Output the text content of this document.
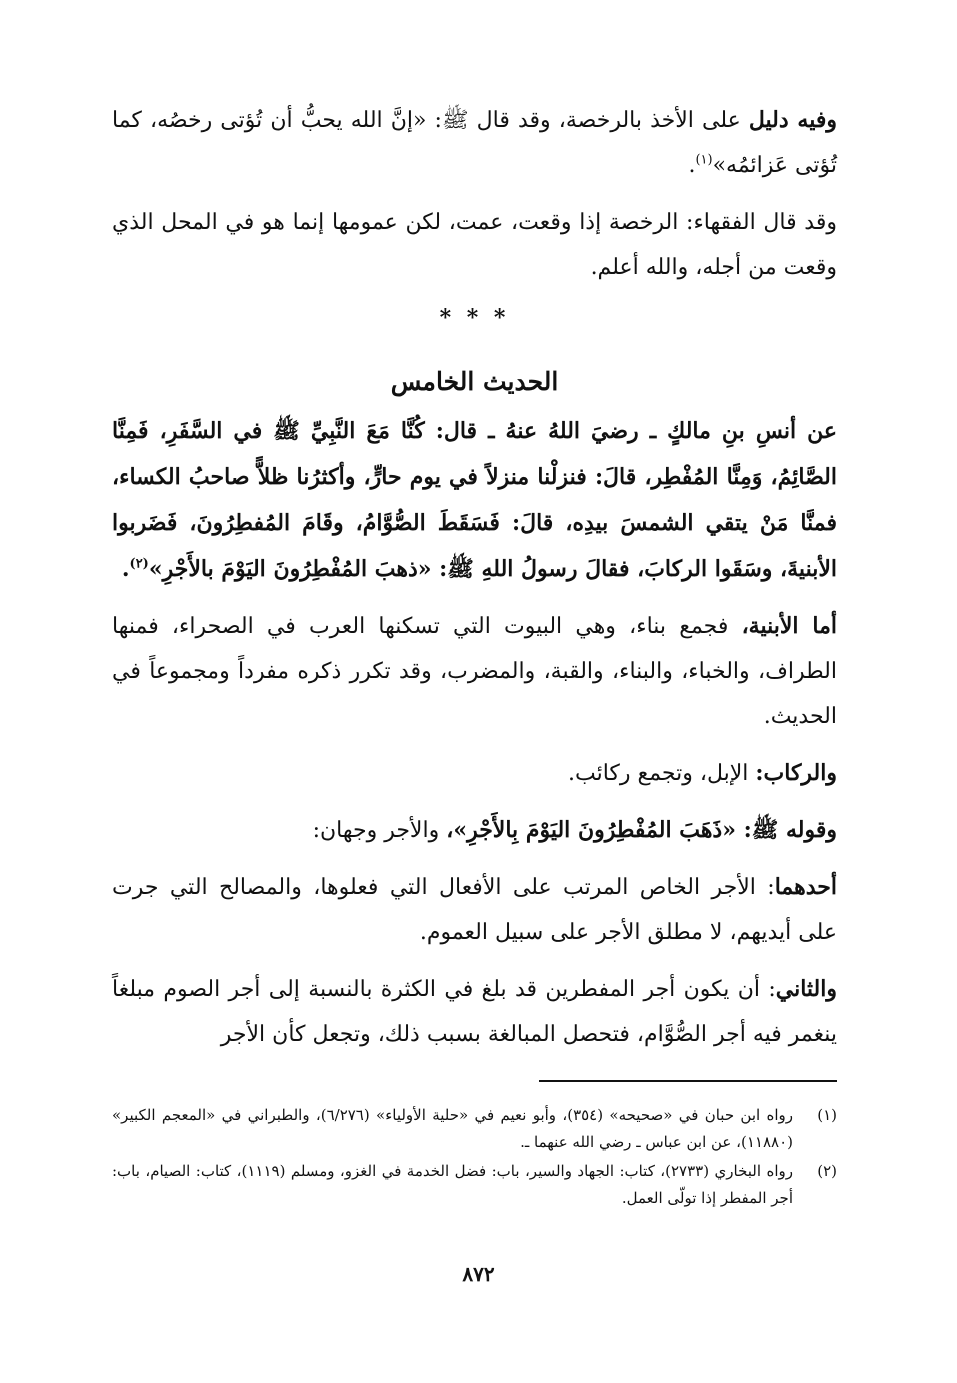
وفيه دليل على الأخذ بالرخصة، وقد قال ﷺ: «إنَّ الله يحبُّ أن تُؤتى رخصُه، كما تُؤتى عَزائمُه»$^{(١)}$.

وقد قال الفقهاء: الرخصة إذا وقعت، عمت، لكن عمومها إنما هو في المحل الذي وقعت من أجله، والله أعلم.

* * *
الحديث الخامس

عن أنسِ بنِ مالكٍ ـ رضيَ اللهُ عنهُ ـ قال: كُنَّا مَعَ النَّبِيِّ ﷺ في السَّفَرِ، فَمِنَّا الصَّائِمُ، وَمِنَّا المُفْطِر، قالَ: فنزلْنا منزلاً في يوم حارٍّ، وأكثرُنا ظلاًّ صاحبُ الكساء، فمنَّا مَنْ يتقي الشمسَ بيدِه، قالَ: فَسَقَطَ الصُّوَّامُ، وقَامَ المُفطِرُونَ، فَضَربوا الأبنيةَ، وسَقَوا الركابَ، فقالَ رسولُ اللهِ ﷺ: «ذهبَ المُفْطِرُونَ اليَوْمَ بالأَجْرِ»$^{(٢)}$.

أما الأبنية، فجمع بناء، وهي البيوت التي تسكنها العرب في الصحراء، فمنها الطراف، والخباء، والبناء، والقبة، والمضرب، وقد تكرر ذكره مفرداً ومجموعاً في الحديث.

والركاب: الإبل، وتجمع ركائب.

وقوله ﷺ: «ذَهَبَ المُفْطِرُونَ اليَوْمَ بِالأَجْرِ»، والأجر وجهان:

أحدهما: الأجر الخاص المرتب على الأفعال التي فعلوها، والمصالح التي جرت على أيديهم، لا مطلق الأجر على سبيل العموم.

والثاني: أن يكون أجر المفطرين قد بلغ في الكثرة بالنسبة إلى أجر الصوم مبلغاً ينغمر فيه أجر الصُّوَّام، فتحصل المبالغة بسبب ذلك، وتجعل كأن الأجر

(١)
رواه ابن حبان في «صحيحه» (٣٥٤)، وأبو نعيم في «حلية الأولياء» (٦/٢٧٦)، والطبراني في «المعجم الكبير» (١١٨٨٠)، عن ابن عباس ـ رضي الله عنهما ـ.
(٢)
رواه البخاري (٢٧٣٣)، كتاب: الجهاد والسير، باب: فضل الخدمة في الغزو، ومسلم (١١١٩)، كتاب: الصيام، باب: أجر المفطر إذا تولّى العمل.
٨٧٢
